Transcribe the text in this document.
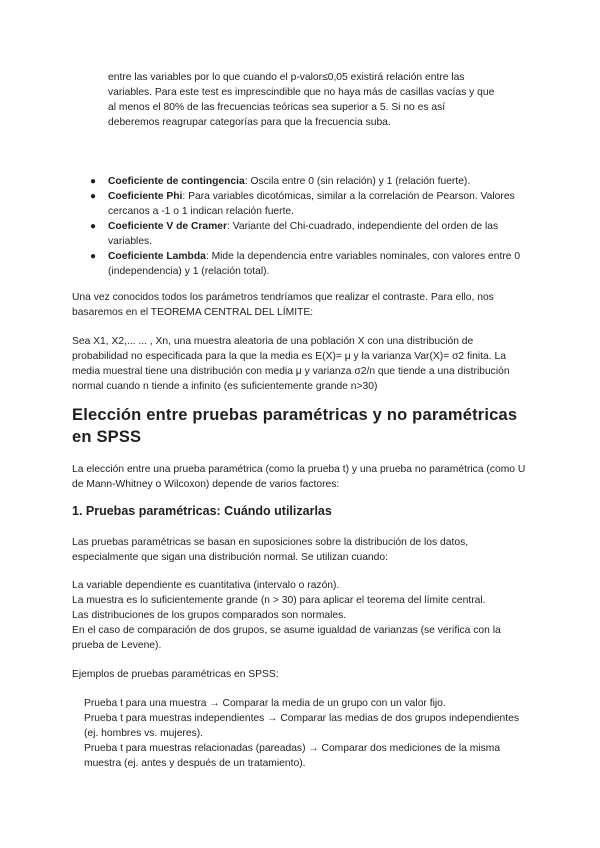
entre las variables por lo que cuando el p-valor≤0,05 existirá relación entre las
variables. Para este test es imprescindible que no haya más de casillas vacías y que
al menos el 80% de las frecuencias teóricas sea superior a 5. Si no es así
deberemos reagrupar categorías para que la frecuencia suba.
● Coeficiente de contingencia: Oscila entre 0 (sin relación) y 1 (relación fuerte).
● Coeficiente Phi: Para variables dicotómicas, similar a la correlación de Pearson. Valores cercanos a -1 o 1 indican relación fuerte.
● Coeficiente V de Cramer: Variante del Chi-cuadrado, independiente del orden de las variables.
● Coeficiente Lambda: Mide la dependencia entre variables nominales, con valores entre 0 (independencia) y 1 (relación total).

Una vez conocidos todos los parámetros tendríamos que realizar el contraste. Para ello, nos basaremos en el TEOREMA CENTRAL DEL LÍMITE:

Sea X1, X2,... ... , Xn, una muestra aleatoria de una población X con una distribución de probabilidad no especificada para la que la media es E(X)= μ y la varianza Var(X)= σ2 finita. La media muestral tiene una distribución con media μ y varianza σ2/n que tiende a una distribución normal cuando n tiende a infinito (es suficientemente grande n>30)

Elección entre pruebas paramétricas y no paramétricas en SPSS

La elección entre una prueba paramétrica (como la prueba t) y una prueba no paramétrica (como U de Mann-Whitney o Wilcoxon) depende de varios factores:

1. Pruebas paramétricas: Cuándo utilizarlas

Las pruebas paramétricas se basan en suposiciones sobre la distribución de los datos, especialmente que sigan una distribución normal. Se utilizan cuando:

La variable dependiente es cuantitativa (intervalo o razón).
La muestra es lo suficientemente grande (n > 30) para aplicar el teorema del límite central.
Las distribuciones de los grupos comparados son normales.
En el caso de comparación de dos grupos, se asume igualdad de varianzas (se verifica con la prueba de Levene).

Ejemplos de pruebas paramétricas en SPSS:

Prueba t para una muestra → Comparar la media de un grupo con un valor fijo.
Prueba t para muestras independientes → Comparar las medias de dos grupos independientes (ej. hombres vs. mujeres).
Prueba t para muestras relacionadas (pareadas) → Comparar dos mediciones de la misma muestra (ej. antes y después de un tratamiento).
